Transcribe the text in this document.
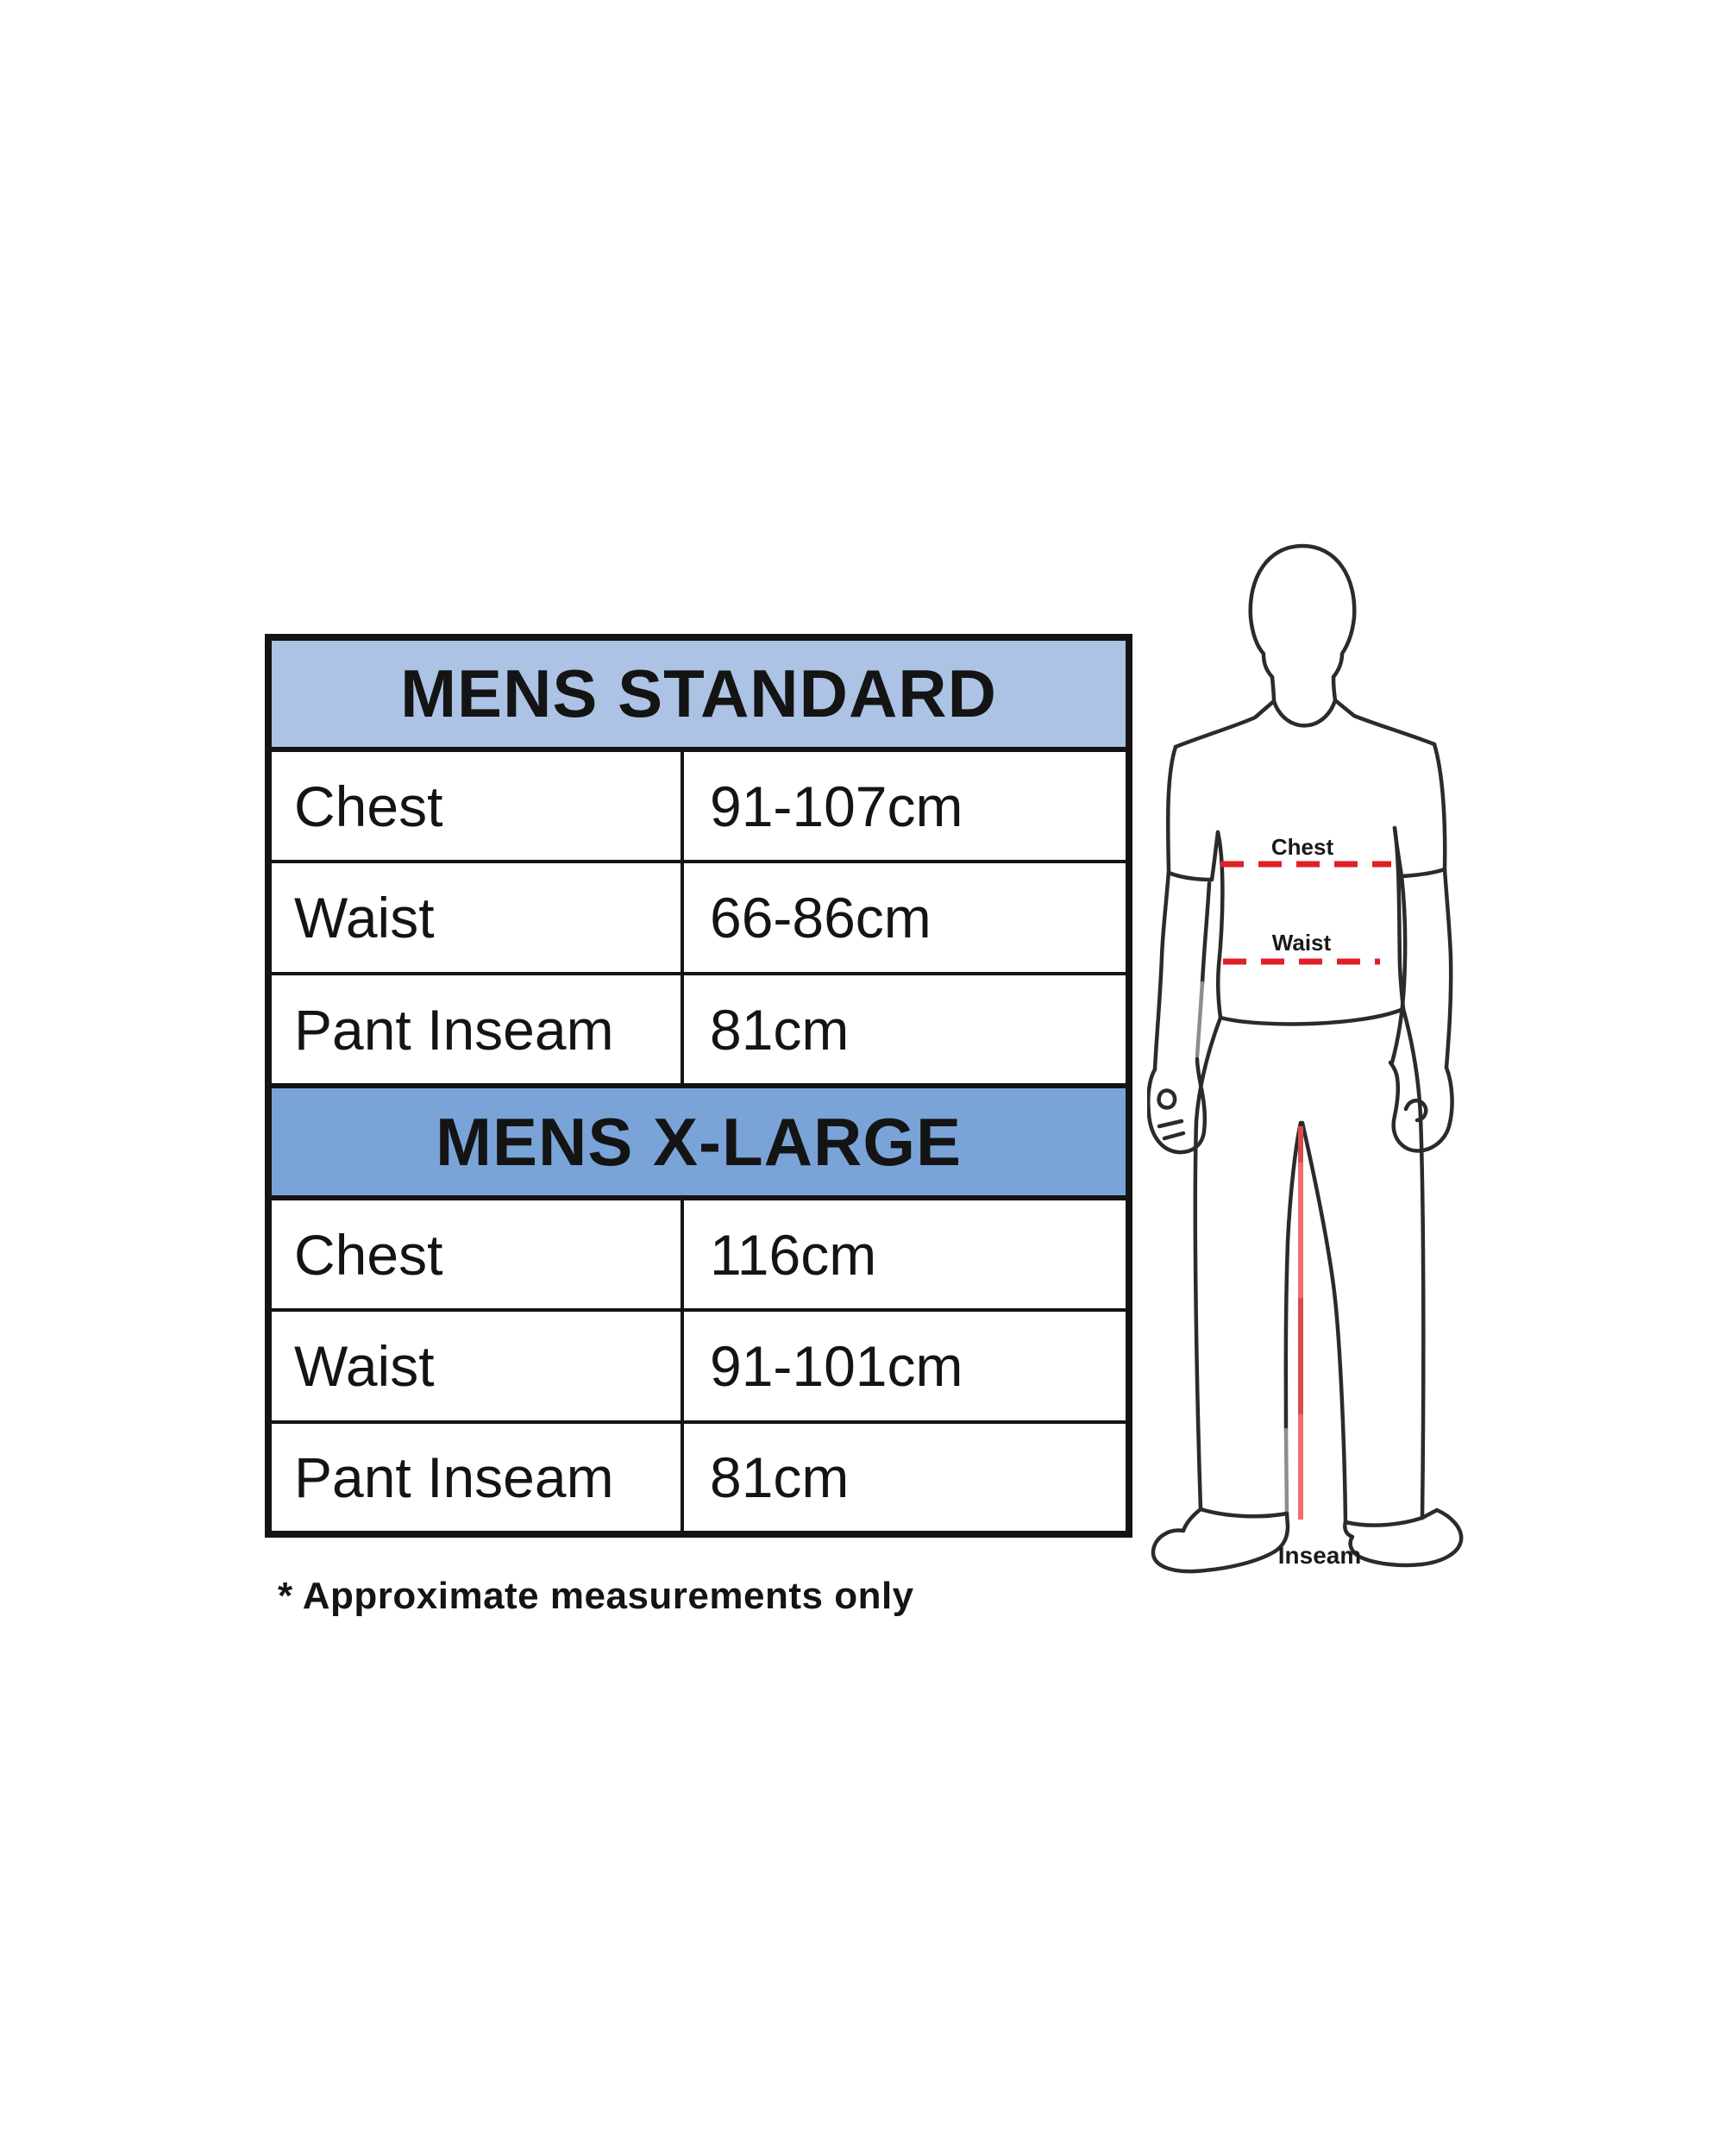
MENS STANDARD	
Chest	91-107cm
Waist	66-86cm
Pant Inseam	81cm
MENS X-LARGE	
Chest	116cm
Waist	91-101cm
Pant Inseam	81cm
* Approximate measurements only
Chest
Waist
Inseam
